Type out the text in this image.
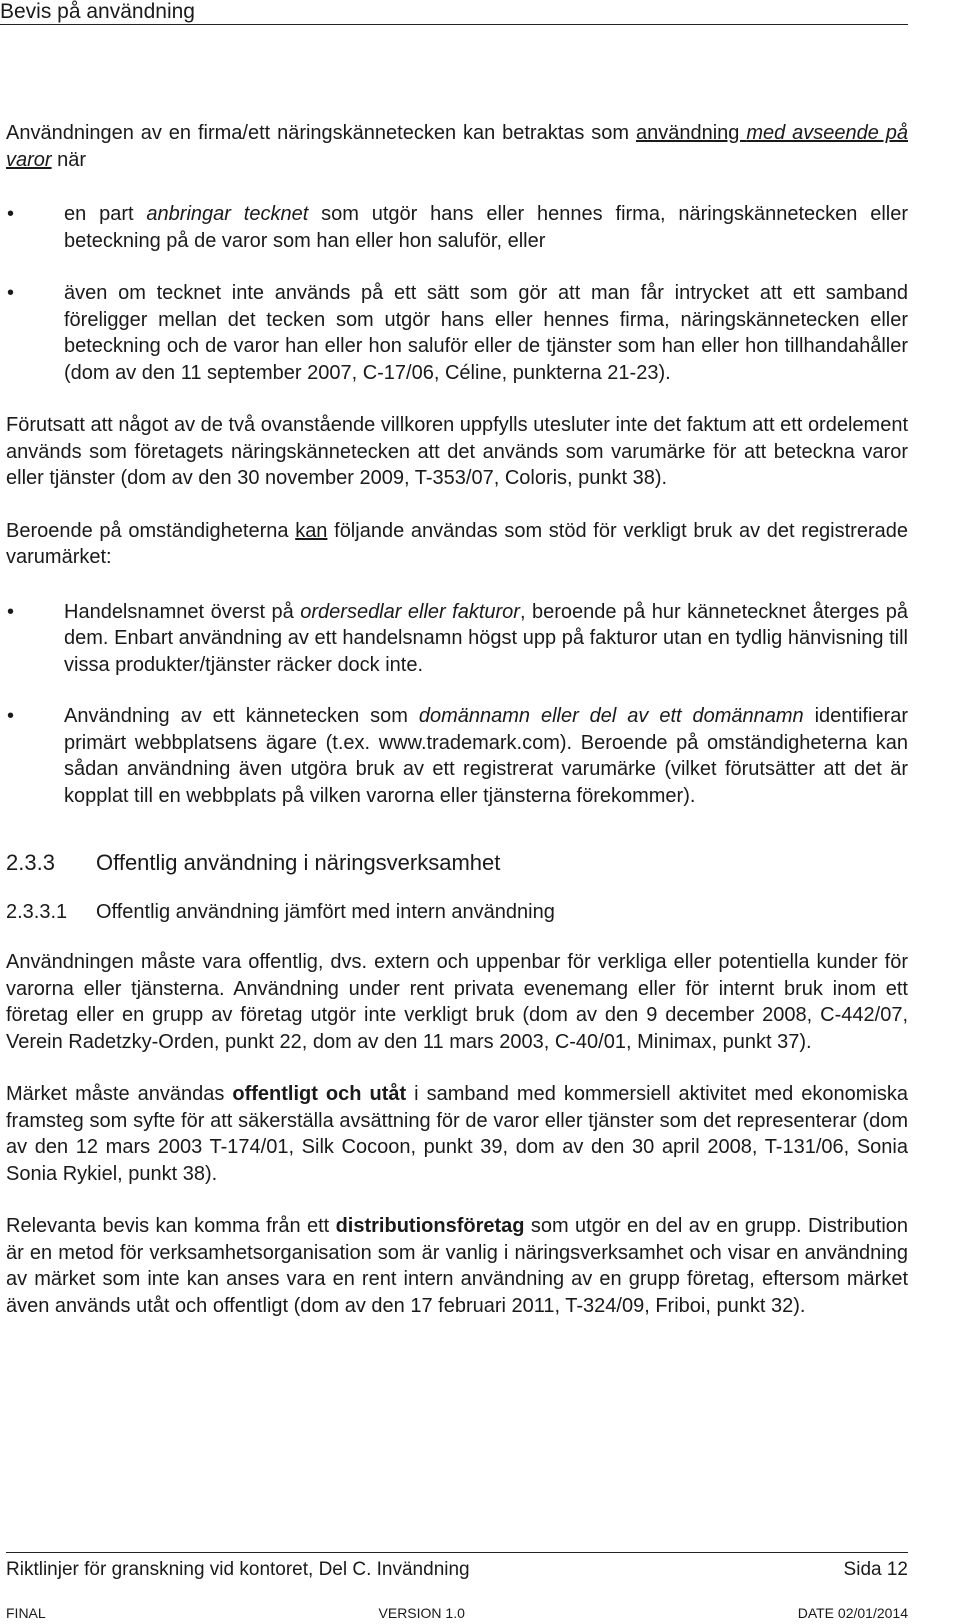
Bevis på användning

Användningen av en firma/ett näringskännetecken kan betraktas som användning med avseende på varor när

• en part anbringar tecknet som utgör hans eller hennes firma, näringskännetecken eller beteckning på de varor som han eller hon saluför, eller
• även om tecknet inte används på ett sätt som gör att man får intrycket att ett samband föreligger mellan det tecken som utgör hans eller hennes firma, näringskännetecken eller beteckning och de varor han eller hon saluför eller de tjänster som han eller hon tillhandahåller (dom av den 11 september 2007, C-17/06, Céline, punkterna 21-23).

Förutsatt att något av de två ovanstående villkoren uppfylls utesluter inte det faktum att ett ordelement används som företagets näringskännetecken att det används som varumärke för att beteckna varor eller tjänster (dom av den 30 november 2009, T-353/07, Coloris, punkt 38).

Beroende på omständigheterna kan följande användas som stöd för verkligt bruk av det registrerade varumärket:

• Handelsnamnet överst på ordersedlar eller fakturor, beroende på hur kännetecknet återges på dem. Enbart användning av ett handelsnamn högst upp på fakturor utan en tydlig hänvisning till vissa produkter/tjänster räcker dock inte.
• Användning av ett kännetecken som domännamn eller del av ett domännamn identifierar primärt webbplatsens ägare (t.ex. www.trademark.com). Beroende på omständigheterna kan sådan användning även utgöra bruk av ett registrerat varumärke (vilket förutsätter att det är kopplat till en webbplats på vilken varorna eller tjänsterna förekommer).
2.3.3	Offentlig användning i näringsverksamhet
2.3.3.1	Offentlig användning jämfört med intern användning

Användningen måste vara offentlig, dvs. extern och uppenbar för verkliga eller potentiella kunder för varorna eller tjänsterna. Användning under rent privata evenemang eller för internt bruk inom ett företag eller en grupp av företag utgör inte verkligt bruk (dom av den 9 december 2008, C-442/07, Verein Radetzky-Orden, punkt 22, dom av den 11 mars 2003, C-40/01, Minimax, punkt 37).

Märket måste användas offentligt och utåt i samband med kommersiell aktivitet med ekonomiska framsteg som syfte för att säkerställa avsättning för de varor eller tjänster som det representerar (dom av den 12 mars 2003 T-174/01, Silk Cocoon, punkt 39, dom av den 30 april 2008, T-131/06, Sonia Sonia Rykiel, punkt 38).

Relevanta bevis kan komma från ett distributionsföretag som utgör en del av en grupp. Distribution är en metod för verksamhetsorganisation som är vanlig i näringsverksamhet och visar en användning av märket som inte kan anses vara en rent intern användning av en grupp företag, eftersom märket även används utåt och offentligt (dom av den 17 februari 2011, T-324/09, Friboi, punkt 32).

Riktlinjer för granskning vid kontoret, Del C. Invändning	Sida 12
FINAL	VERSION 1.0	DATE 02/01/2014
